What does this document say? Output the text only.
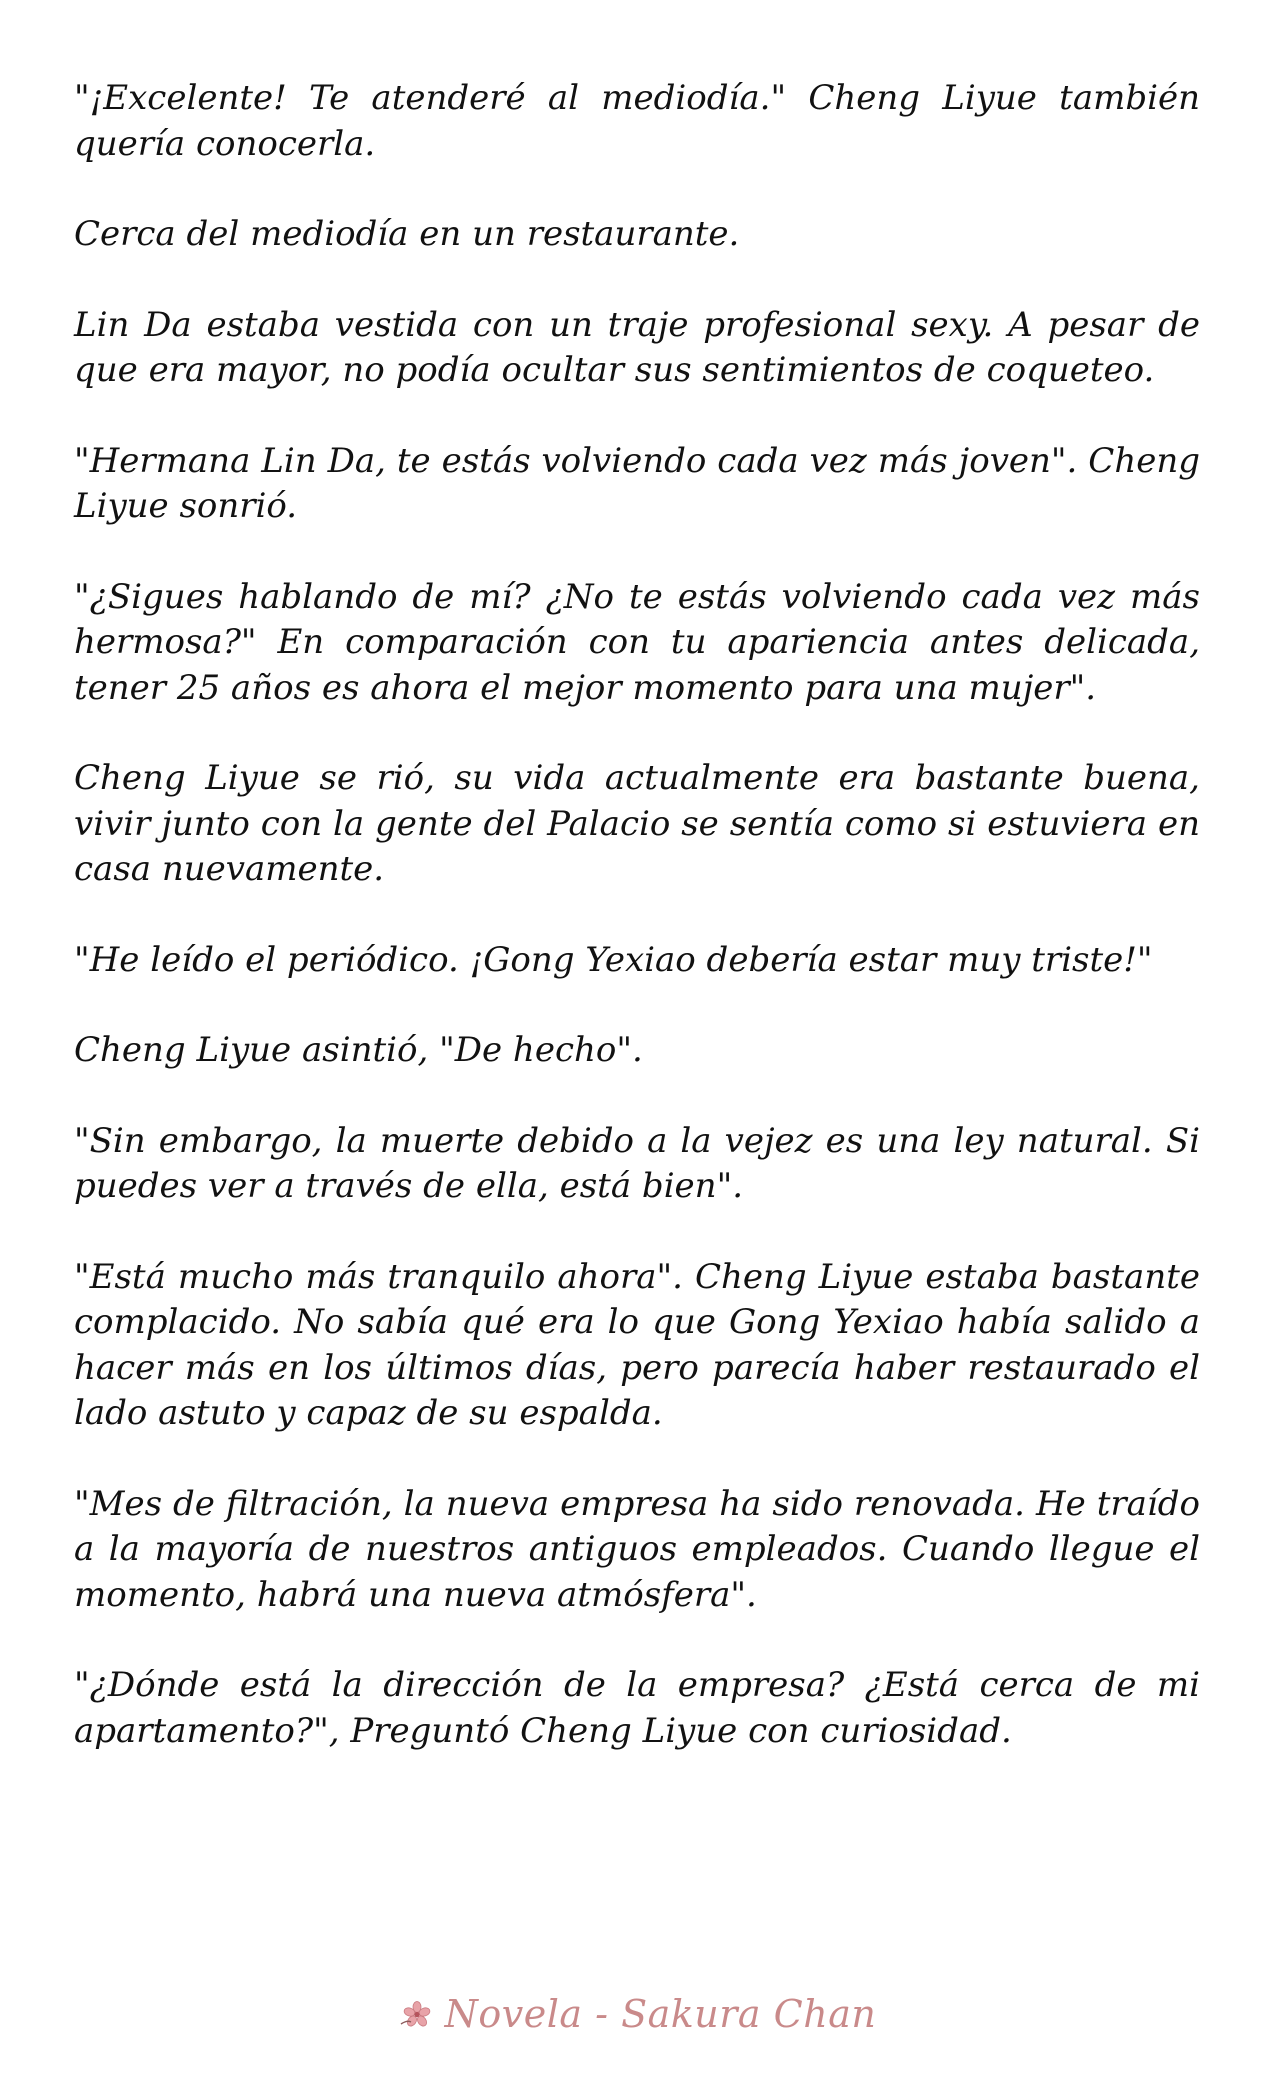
"¡Excelente! Te atenderé al mediodía." Cheng Liyue también quería conocerla.

Cerca del mediodía en un restaurante.

Lin Da estaba vestida con un traje profesional sexy. A pesar de que era mayor, no podía ocultar sus sentimientos de coqueteo.

"Hermana Lin Da, te estás volviendo cada vez más joven". Cheng Liyue sonrió.

"¿Sigues hablando de mí? ¿No te estás volviendo cada vez más hermosa?" En comparación con tu apariencia antes delicada, tener 25 años es ahora el mejor momento para una mujer".

Cheng Liyue se rió, su vida actualmente era bastante buena, vivir junto con la gente del Palacio se sentía como si estuviera en casa nuevamente.

"He leído el periódico. ¡Gong Yexiao debería estar muy triste!"

Cheng Liyue asintió, "De hecho".

"Sin embargo, la muerte debido a la vejez es una ley natural. Si puedes ver a través de ella, está bien".

"Está mucho más tranquilo ahora". Cheng Liyue estaba bastante complacido. No sabía qué era lo que Gong Yexiao había salido a hacer más en los últimos días, pero parecía haber restaurado el lado astuto y capaz de su espalda.

"Mes de filtración, la nueva empresa ha sido renovada. He traído a la mayoría de nuestros antiguos empleados. Cuando llegue el momento, habrá una nueva atmósfera".

"¿Dónde está la dirección de la empresa? ¿Está cerca de mi apartamento?", Preguntó Cheng Liyue con curiosidad.

Novela - Sakura Chan
